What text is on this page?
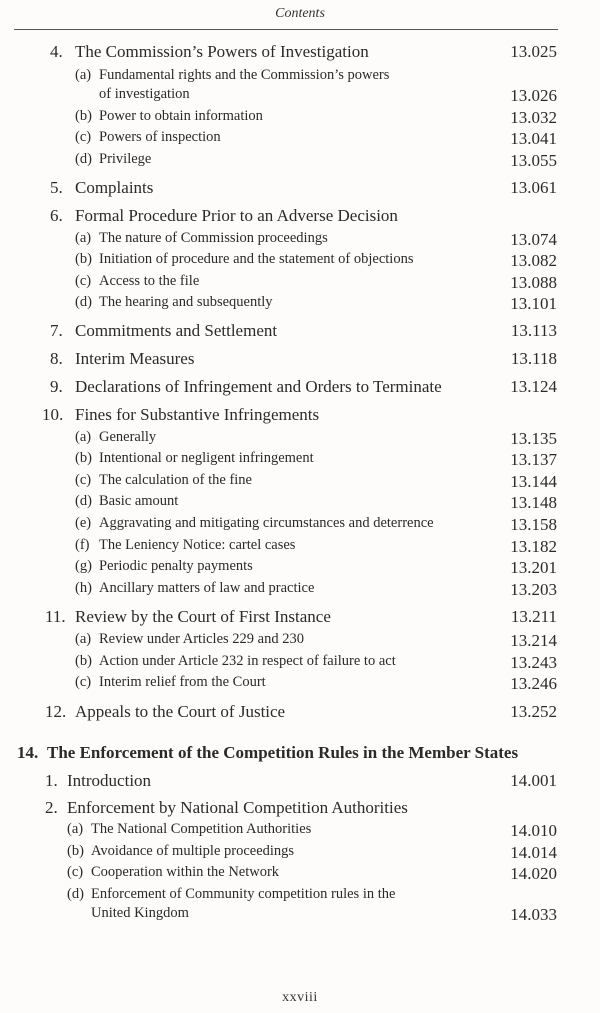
Contents
4. The Commission’s Powers of Investigation	13.025
(a) Fundamental rights and the Commission’s powers
of investigation	13.026
(b) Power to obtain information	13.032
(c) Powers of inspection	13.041
(d) Privilege	13.055
5. Complaints	13.061
6. Formal Procedure Prior to an Adverse Decision
(a) The nature of Commission proceedings	13.074
(b) Initiation of procedure and the statement of objections	13.082
(c) Access to the file	13.088
(d) The hearing and subsequently	13.101
7. Commitments and Settlement	13.113
8. Interim Measures	13.118
9. Declarations of Infringement and Orders to Terminate	13.124
10. Fines for Substantive Infringements
(a) Generally	13.135
(b) Intentional or negligent infringement	13.137
(c) The calculation of the fine	13.144
(d) Basic amount	13.148
(e) Aggravating and mitigating circumstances and deterrence	13.158
(f) The Leniency Notice: cartel cases	13.182
(g) Periodic penalty payments	13.201
(h) Ancillary matters of law and practice	13.203
11. Review by the Court of First Instance	13.211
(a) Review under Articles 229 and 230	13.214
(b) Action under Article 232 in respect of failure to act	13.243
(c) Interim relief from the Court	13.246
12. Appeals to the Court of Justice	13.252
14. The Enforcement of the Competition Rules in the Member States
1. Introduction	14.001
2. Enforcement by National Competition Authorities
(a) The National Competition Authorities	14.010
(b) Avoidance of multiple proceedings	14.014
(c) Cooperation within the Network	14.020
(d) Enforcement of Community competition rules in the
United Kingdom	14.033
xxviii
